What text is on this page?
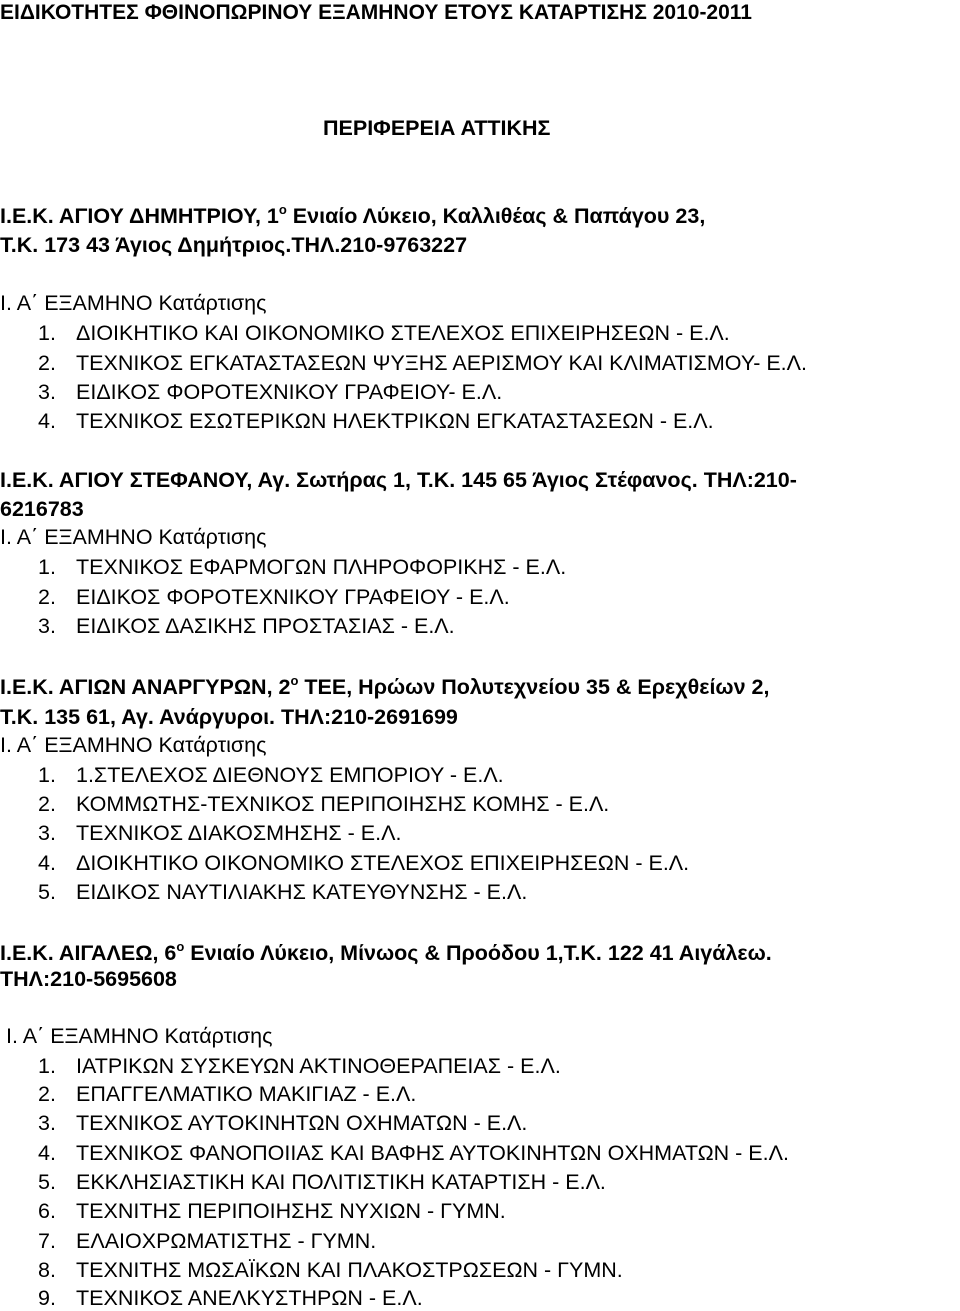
ΕΙΔΙΚΟΤΗΤΕΣ ΦΘΙΝΟΠΩΡΙΝΟΥ ΕΞΑΜΗΝΟΥ ΕΤΟΥΣ ΚΑΤΑΡΤΙΣΗΣ 2010-2011
ΠΕΡΙΦΕΡΕΙΑ ΑΤΤΙΚΗΣ
Ι.Ε.Κ. ΑΓΙΟΥ ΔΗΜΗΤΡΙΟΥ, $1^o$ Ενιαίο Λύκειο, Καλλιθέας & Παπάγου 23,
Τ.Κ. 173 43 Άγιος Δημήτριος.ΤΗΛ.210-9763227
Ι. Α΄ ΕΞΑΜΗΝΟ Κατάρτισης
1. ΔΙΟΙΚΗΤΙΚΟ ΚΑΙ ΟΙΚΟΝΟΜΙΚΟ ΣΤΕΛΕΧΟΣ ΕΠΙΧΕΙΡΗΣΕΩΝ - Ε.Λ.
2. ΤΕΧΝΙΚΟΣ ΕΓΚΑΤΑΣΤΑΣΕΩΝ ΨΥΞΗΣ ΑΕΡΙΣΜΟΥ ΚΑΙ ΚΛΙΜΑΤΙΣΜΟΥ- Ε.Λ.
3. ΕΙΔΙΚΟΣ ΦΟΡΟΤΕΧΝΙΚΟΥ ΓΡΑΦΕΙΟΥ- Ε.Λ.
4. ΤΕΧΝΙΚΟΣ ΕΣΩΤΕΡΙΚΩΝ ΗΛΕΚΤΡΙΚΩΝ ΕΓΚΑΤΑΣΤΑΣΕΩΝ - Ε.Λ.
Ι.Ε.Κ. ΑΓΙΟΥ ΣΤΕΦΑΝΟΥ, Αγ. Σωτήρας 1, Τ.Κ. 145 65 Άγιος Στέφανος. ΤΗΛ:210-
6216783
Ι. Α΄ ΕΞΑΜΗΝΟ Κατάρτισης
1. ΤΕΧΝΙΚΟΣ ΕΦΑΡΜΟΓΩΝ ΠΛΗΡΟΦΟΡΙΚΗΣ - Ε.Λ.
2. ΕΙΔΙΚΟΣ ΦΟΡΟΤΕΧΝΙΚΟΥ ΓΡΑΦΕΙΟΥ - Ε.Λ.
3. ΕΙΔΙΚΟΣ ΔΑΣΙΚΗΣ ΠΡΟΣΤΑΣΙΑΣ - Ε.Λ.
Ι.Ε.Κ. ΑΓΙΩΝ ΑΝΑΡΓΥΡΩΝ, $2^o$ ΤΕΕ, Ηρώων Πολυτεχνείου 35 & Ερεχθείων 2,
Τ.Κ. 135 61, Αγ. Ανάργυροι. ΤΗΛ:210-2691699
Ι. Α΄ ΕΞΑΜΗΝΟ Κατάρτισης
1. 1.ΣΤΕΛΕΧΟΣ ΔΙΕΘΝΟΥΣ ΕΜΠΟΡΙΟΥ - Ε.Λ.
2. ΚΟΜΜΩΤΗΣ-ΤΕΧΝΙΚΟΣ ΠΕΡΙΠΟΙΗΣΗΣ ΚΟΜΗΣ - Ε.Λ.
3. ΤΕΧΝΙΚΟΣ ΔΙΑΚΟΣΜΗΣΗΣ - Ε.Λ.
4. ΔΙΟΙΚΗΤΙΚΟ ΟΙΚΟΝΟΜΙΚΟ ΣΤΕΛΕΧΟΣ ΕΠΙΧΕΙΡΗΣΕΩΝ - Ε.Λ.
5. ΕΙΔΙΚΟΣ ΝΑΥΤΙΛΙΑΚΗΣ ΚΑΤΕΥΘΥΝΣΗΣ - Ε.Λ.
Ι.Ε.Κ. ΑΙΓΑΛΕΩ, $6^o$ Ενιαίο Λύκειο, Μίνωος & Προόδου 1,Τ.Κ. 122 41 Αιγάλεω.
ΤΗΛ:210-5695608
Ι. Α΄ ΕΞΑΜΗΝΟ Κατάρτισης
1. ΙΑΤΡΙΚΩΝ ΣΥΣΚΕΥΩΝ ΑΚΤΙΝΟΘΕΡΑΠΕΙΑΣ - Ε.Λ.
2. ΕΠΑΓΓΕΛΜΑΤΙΚΟ ΜΑΚΙΓΙΑΖ - Ε.Λ.
3. ΤΕΧΝΙΚΟΣ ΑΥΤΟΚΙΝΗΤΩΝ ΟΧΗΜΑΤΩΝ - Ε.Λ.
4. ΤΕΧΝΙΚΟΣ ΦΑΝΟΠΟΙΙΑΣ ΚΑΙ ΒΑΦΗΣ ΑΥΤΟΚΙΝΗΤΩΝ ΟΧΗΜΑΤΩΝ - Ε.Λ.
5. ΕΚΚΛΗΣΙΑΣΤΙΚΗ ΚΑΙ ΠΟΛΙΤΙΣΤΙΚΗ ΚΑΤΑΡΤΙΣΗ - Ε.Λ.
6. ΤΕΧΝΙΤΗΣ ΠΕΡΙΠΟΙΗΣΗΣ ΝΥΧΙΩΝ - ΓΥΜΝ.
7. ΕΛΑΙΟΧΡΩΜΑΤΙΣΤΗΣ - ΓΥΜΝ.
8. ΤΕΧΝΙΤΗΣ ΜΩΣΑΪΚΩΝ ΚΑΙ ΠΛΑΚΟΣΤΡΩΣΕΩΝ - ΓΥΜΝ.
9. ΤΕΧΝΙΚΟΣ ΑΝΕΛΚΥΣΤΗΡΩΝ - Ε.Λ.
